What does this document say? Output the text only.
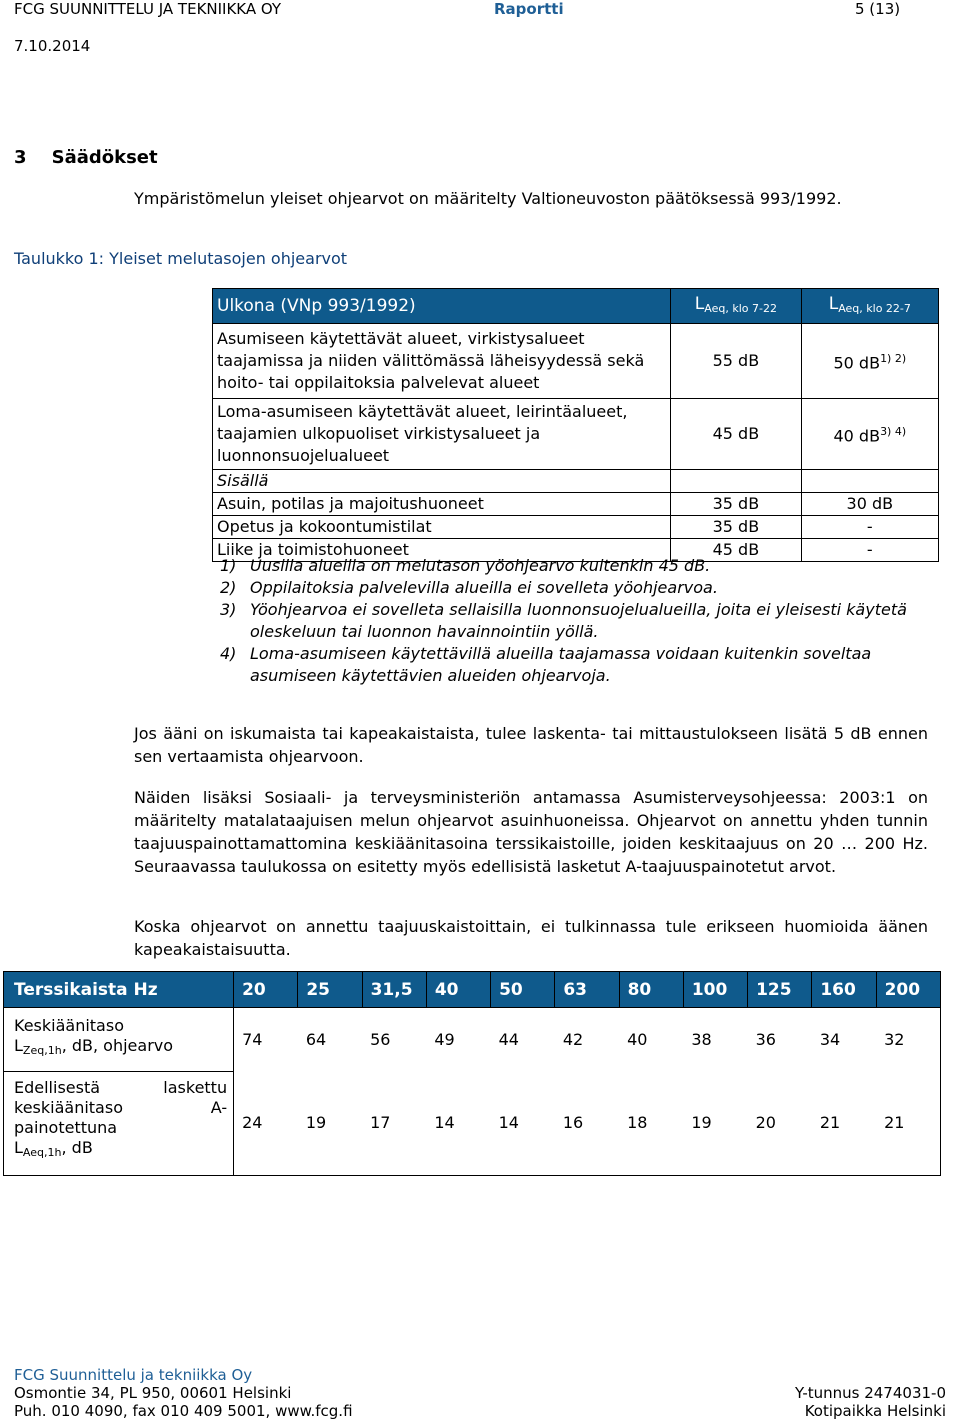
FCG SUUNNITTELU JA TEKNIIKKA OY	Raportti	5 (13)
7.10.2014
3 Säädökset
Ympäristömelun yleiset ohjearvot on määritelty Valtioneuvoston päätöksessä 993/1992.
Taulukko 1: Yleiset melutasojen ohjearvot
Ulkona (VNp 993/1992)	$L_{Aeq, klo 7-22}$	$L_{Aeq, klo 22-7}$
Asumiseen käytettävät alueet, virkistysalueet taajamissa ja niiden välittömässä läheisyydessä sekä hoito- tai oppilaitoksia palvelevat alueet	55 dB	50 $dB^{1) 2)}$
Loma-asumiseen käytettävät alueet, leirintäalueet, taajamien ulkopuoliset virkistysalueet ja luonnonsuojelualueet	45 dB	40 $dB^{3) 4)}$
Sisällä		
Asuin, potilas ja majoitushuoneet	35 dB	30 dB
Opetus ja kokoontumistilat	35 dB	-
Liike ja toimistohuoneet	45 dB	-
1) Uusilla alueilla on melutason yöohjearvo kuitenkin 45 dB.
2) Oppilaitoksia palvelevilla alueilla ei sovelleta yöohjearvoa.
3) Yöohjearvoa ei sovelleta sellaisilla luonnonsuojelualueilla, joita ei yleisesti käytetä oleskeluun tai luonnon havainnointiin yöllä.
4) Loma-asumiseen käytettävillä alueilla taajamassa voidaan kuitenkin soveltaa asumiseen käytettävien alueiden ohjearvoja.
Jos ääni on iskumaista tai kapeakaistaista, tulee laskenta- tai mittaustulokseen lisätä 5 dB ennen sen vertaamista ohjearvoon.
Näiden lisäksi Sosiaali- ja terveysministeriön antamassa Asumisterveysohjeessa: 2003:1 on määritelty matalataajuisen melun ohjearvot asuinhuoneissa. Ohjearvot on annettu yhden tunnin taajuuspainottamattomina keskiäänitasoina terssikaistoille, joiden keskitaajuus on 20 … 200 Hz. Seuraavassa taulukossa on esitetty myös edellisistä lasketut A-taajuuspainotetut arvot.
Koska ohjearvot on annettu taajuuskaistoittain, ei tulkinnassa tule erikseen huomioida äänen kapeakaistaisuutta.
Terssikaista Hz	20	25	31,5	40	50	63	80	100	125	160	200
Keskiäänitaso
$L_{Zeq,1h}$, dB, ohjearvo	74	64	56	49	44	42	40	38	36	34	32
Edellisestä laskettu keskiäänitaso A-painotettuna
$L_{Aeq,1h}$, dB	24	19	17	14	14	16	18	19	20	21	21
FCG Suunnittelu ja tekniikka Oy
Osmontie 34, PL 950, 00601 Helsinki
Puh. 010 4090, fax 010 409 5001, www.fcg.fi
Y-tunnus 2474031-0
Kotipaikka Helsinki
